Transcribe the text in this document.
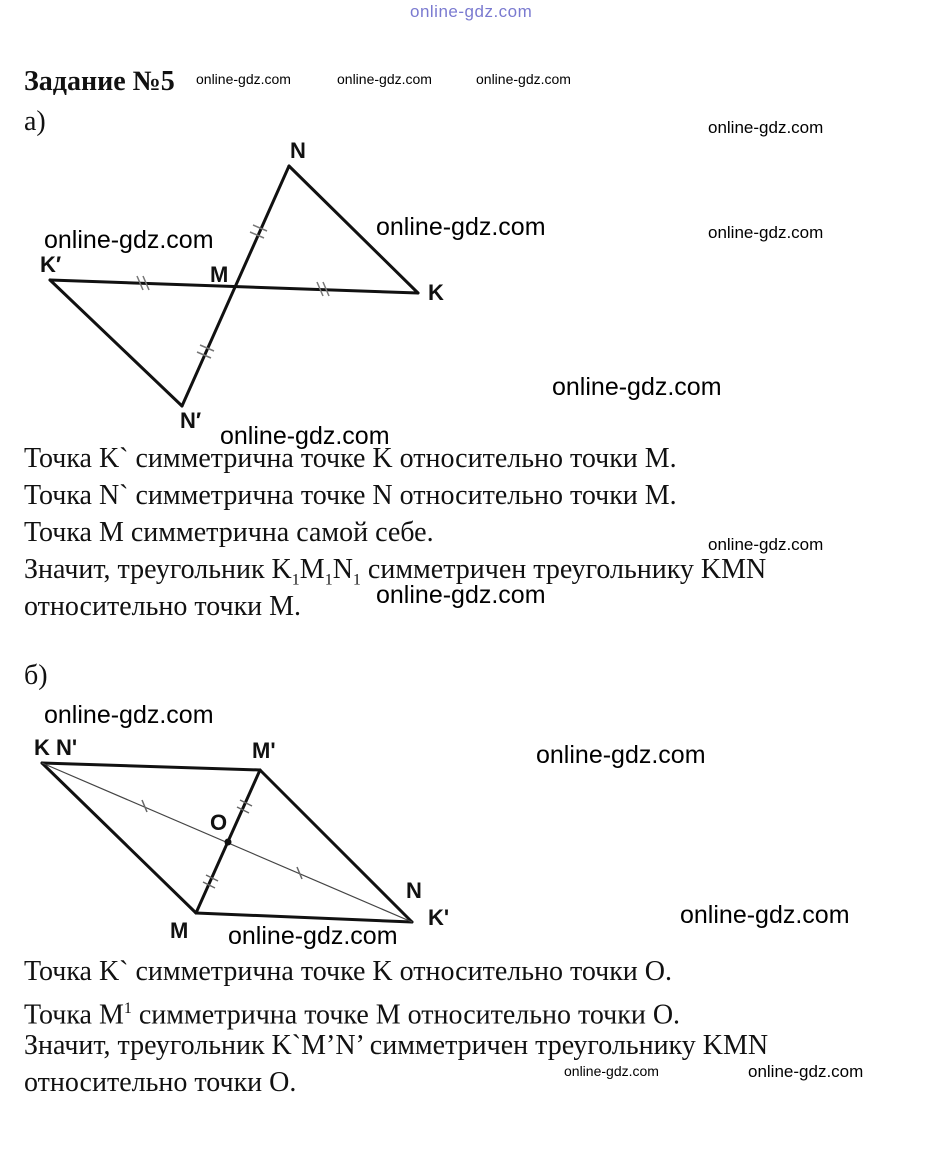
online-gdz.com
Задание №5 online-gdz.com	online-gdz.com	online-gdz.com
а)	online-gdz.com
online-gdz.com
N
K′	M
K
N′
online-gdz.com	online-gdz.com
online-gdz.com
online-gdz.com
Точка K` симметрична точке K относительно точки M.
Точка N` симметрична точке N относительно точки M.
Точка M симметрична самой себе.
Значит, треугольник $K_1M_1N_1$ симметричен треугольнику KMN
относительно точки M.
online-gdz.com
online-gdz.com
б)
online-gdz.com
online-gdz.com
K N'	M'
O
N
K'
M
online-gdz.com
online-gdz.com
Точка K` симметрична точке K относительно точки O.
Точка $M^1$ симметрична точке M относительно точки O.
Значит, треугольник K`M’N’ симметричен треугольнику KMN
относительно точки O.	online-gdz.com	online-gdz.com
